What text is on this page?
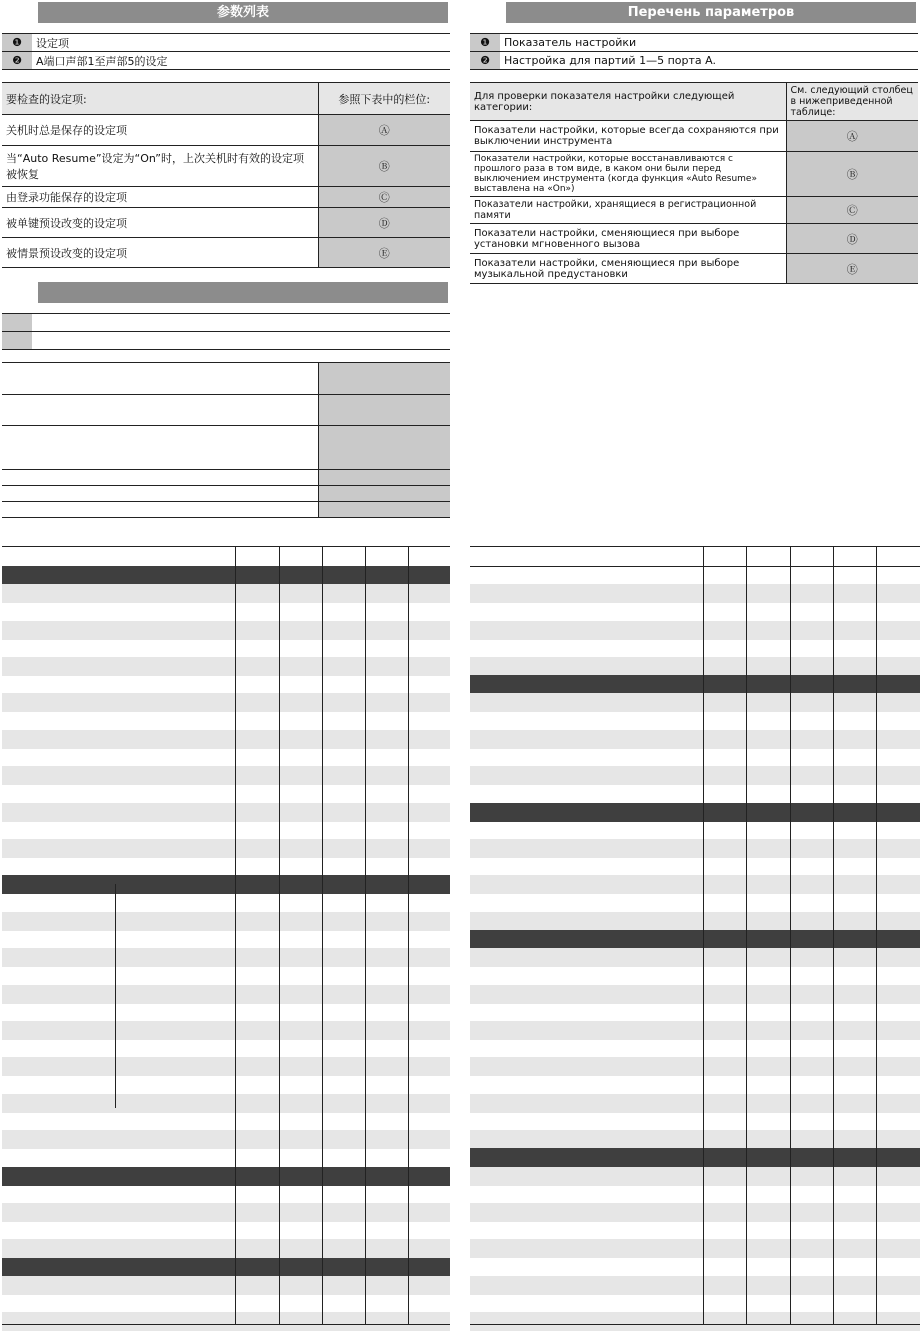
参数列表
❶	设定项
❷	A端口声部1至声部5的设定
要检查的设定项:	参照下表中的栏位:
关机时总是保存的设定项	Ⓐ
当“Auto Resume”设定为“On”时，上次关机时有效的设定项被恢复	Ⓑ
由登录功能保存的设定项	Ⓒ
被单键预设改变的设定项	Ⓓ
被情景预设改变的设定项	Ⓔ

Перечень параметров
❶	Показатель настройки
❷	Настройка для партий 1—5 порта A.
Для проверки показателя настройки следующей категории:	См. следующий столбец в нижеприведенной таблице:
Показатели настройки, которые всегда сохраняются при выключении инструмента	Ⓐ
Показатели настройки, которые восстанавливаются с прошлого раза в том виде, в каком они были перед выключением инструмента (когда функция «Auto Resume» выставлена на «On»)	Ⓑ
Показатели настройки, хранящиеся в регистрационной памяти	Ⓒ
Показатели настройки, сменяющиеся при выборе установки мгновенного вызова	Ⓓ
Показатели настройки, сменяющиеся при выборе музыкальной предустановки	Ⓔ
